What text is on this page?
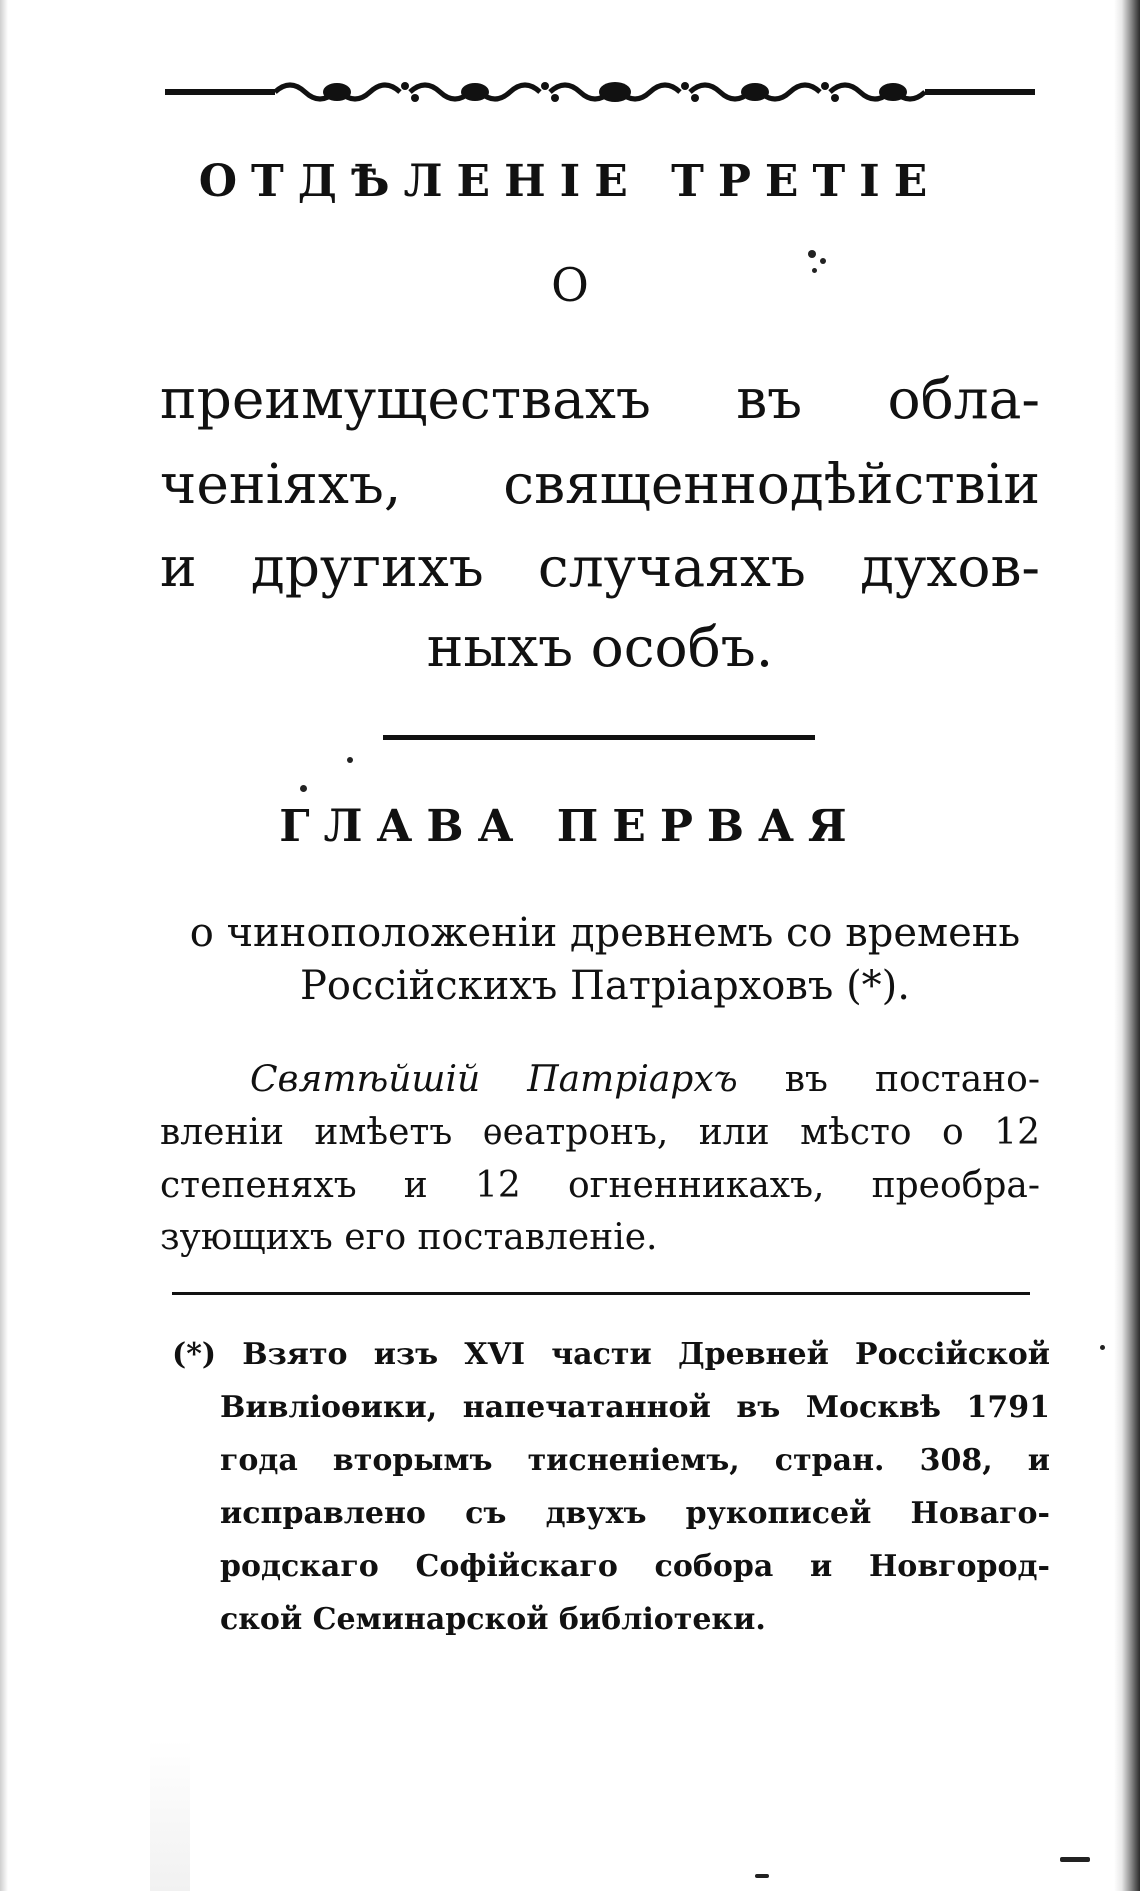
ОТДѢЛЕНІЕ ТРЕТІЕ
О
преимуществахъ въ облa-
ченіяхъ, священнодѣйствіи
и другихъ случаяхъ духов-
ныхъ особъ.
ГЛАВА ПЕРВАЯ
о чиноположеніи древнемъ со времень
Россійскихъ Патріарховъ (*).
Святѣйшій Патріархъ въ постано-
вленіи имѣетъ ѳеатронъ, или мѣсто о 12
степеняхъ и 12 огненникахъ, преобра-
зующихъ его поставленіе.
(*) Взято изъ XVI части Древней Россійской
Вивліоѳики, напечатанной въ Москвѣ 1791
года вторымъ тисненіемъ, стран. 308, и
исправлено съ двухъ рукописей Новаго-
родскаго Софійскаго собора и Новгород-
ской Семинарской библіотеки.
